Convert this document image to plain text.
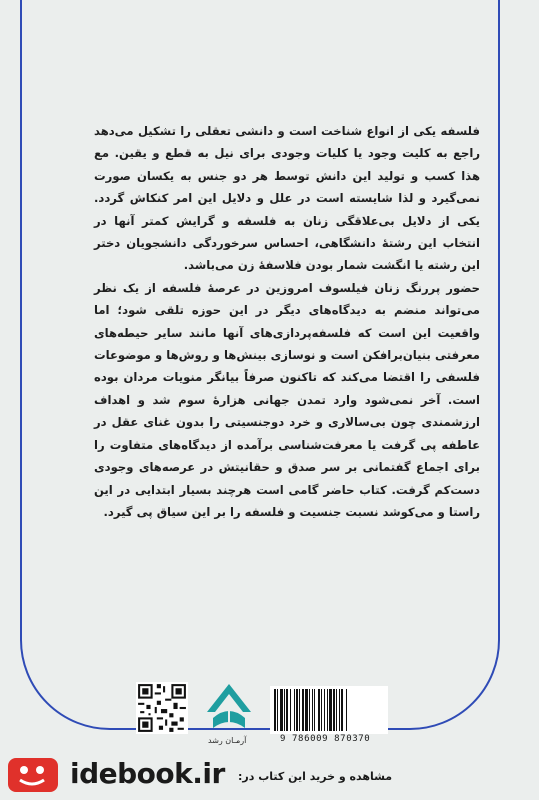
فلسفه یکی از انواع شناخت است و دانشی تعقلی را تشکیل می‌دهد راجع به کلیت وجود یا کلیات وجودی برای نیل به قطع و یقین. مع هذا کسب و تولید این دانش توسط هر دو جنس به یکسان صورت نمی‌گیرد و لذا شایسته است در علل و دلایل این امر کنکاش گردد. یکی از دلایل بی‌علاقگی زنان به فلسفه و گرایش کمتر آنها در انتخاب این رشتهٔ دانشگاهی، احساس سرخوردگی دانشجویان دختر این رشته یا انگشت شمار بودن فلاسفهٔ زن می‌باشد.

حضور پررنگ زنان فیلسوف امروزین در عرصهٔ فلسفه از یک نظر می‌تواند منضم به دیدگاه‌های دیگر در این حوزه تلقی شود؛ اما واقعیت این است که فلسفه‌پردازی‌های آنها مانند سایر حیطه‌های معرفتی بنیان‌برافکن است و نوسازی بینش‌ها و روش‌ها و موضوعات فلسفی را اقتضا می‌کند که تاکنون صرفاً بیانگر منویات مردان بوده است. آخر نمی‌شود وارد تمدن جهانی هزارهٔ سوم شد و اهداف ارزشمندی چون بی‌سالاری و خرد دوجنسیتی را بدون غنای عقل در عاطفه پی گرفت یا معرفت‌شناسی برآمده از دیدگاه‌های متفاوت را برای اجماع گفتمانی بر سر صدق و حقانیتش در عرصه‌های وجودی دست‌کم گرفت. کتاب حاضر گامی است هرچند بسیار ابتدایی در این راستا و می‌کوشد نسبت جنسیت و فلسفه را بر این سیاق پی گیرد.

آرمـان رشد	9 786009 870370
idebook.ir مشاهده و خرید این کتاب در:
